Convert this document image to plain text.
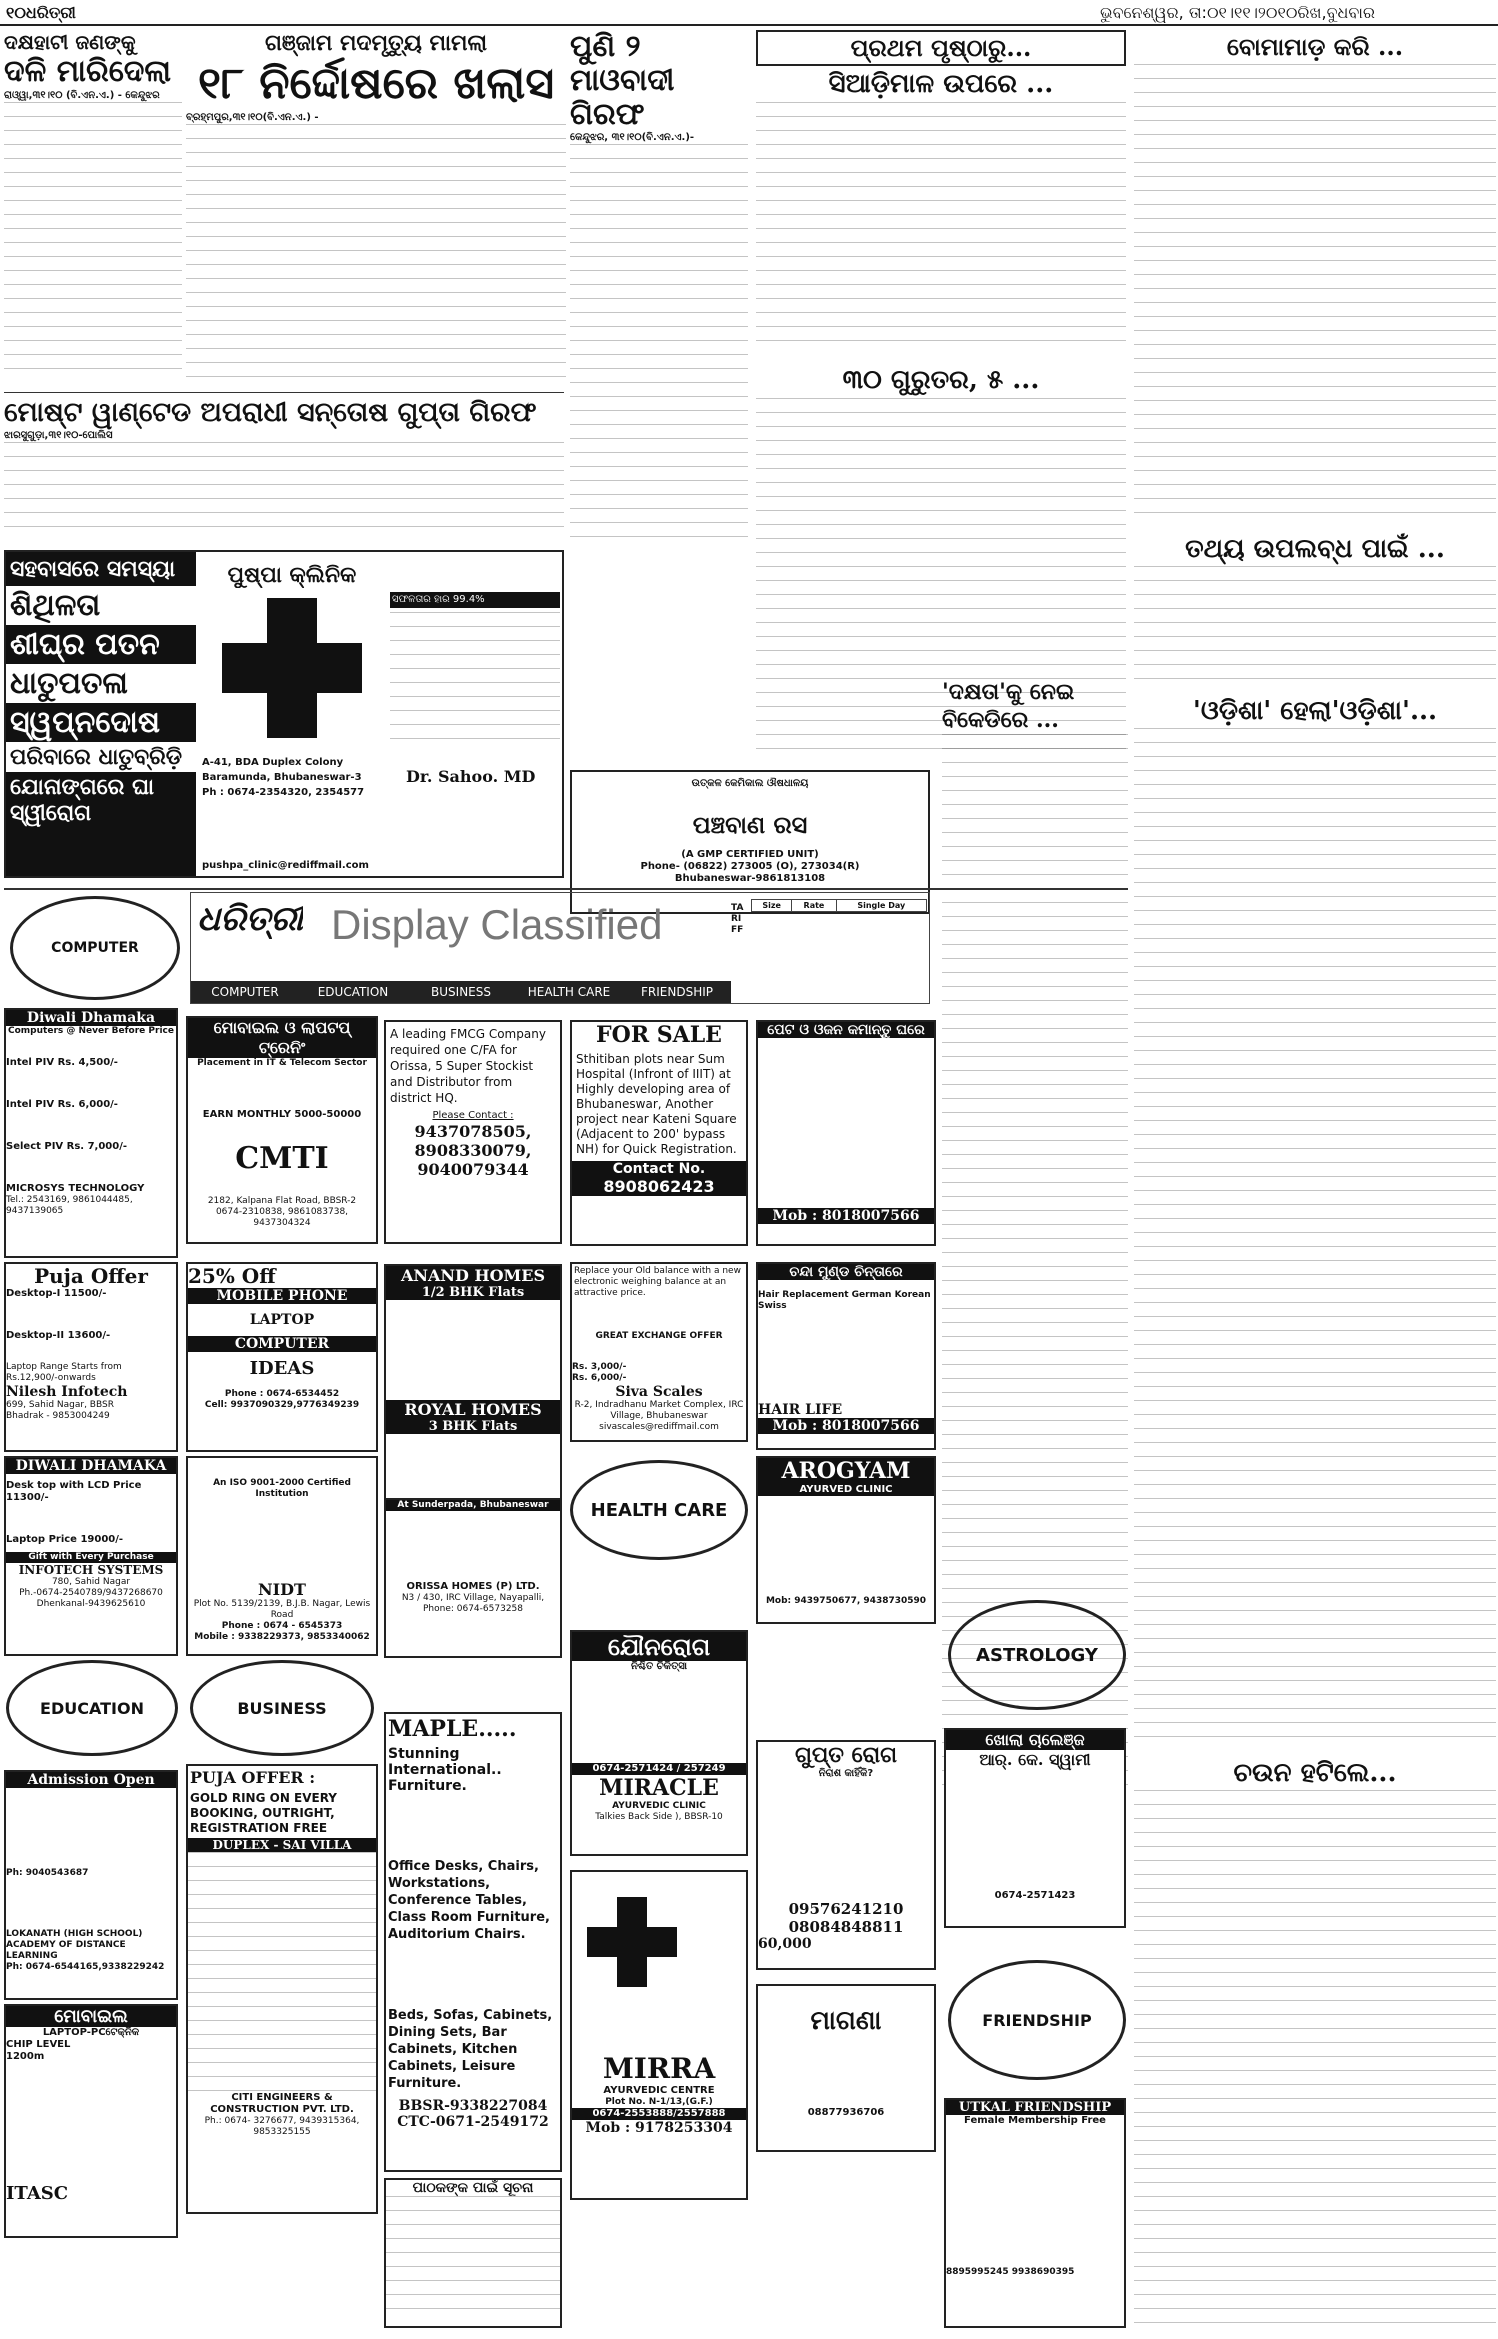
୧୦ଧରିତ୍ରୀ	ଭୁବନେଶ୍ୱର, ତା:୦୧।୧୧।୨୦୧୦ରିଖ,ବୁଧବାର
ଦକ୍ଷହାଟୀ ଜଣଙ୍କୁ
ଦଳି ମାରିଦେଲା
ରାଓ୍ୱା,୩୧।୧୦ (ବି.ଏନ.ଏ.) - କେନ୍ଦୁଝର
ଗଞ୍ଜାମ ମଦମୃତ୍ୟୁ ମାମଲା
୧୮ ନିର୍ଦ୍ଦୋଷରେ ଖଲାସ
ବ୍ରହ୍ମପୁର,୩୧।୧୦(ବି.ଏନ.ଏ.) -
ମୋଷ୍ଟ ୱାଣ୍ଟେଡ ଅପରାଧୀ ସନ୍ତୋଷ ଗୁପ୍ତା ଗିରଫ
ଝାରସୁଗୁଡ଼ା,୩୧।୧୦-ପୋଲିସ
ପୁଣି ୨ ମାଓବାଦୀ ଗିରଫ
କେନ୍ଦୁଝର, ୩୧।୧୦(ବି.ଏନ.ଏ.)-
ପ୍ରଥମ ପୃଷ୍ଠାରୁ...
ସିଆଡ଼ିମାଳ ଉପରେ ...
୩୦ ଗୁରୁତର, ୫ ...
ବୋମାମାଡ଼ କରି ...
ତଥ୍ୟ ଉପଲବ୍ଧ ପାଇଁ ...
'ଓଡ଼ିଶା' ହେଲା'ଓଡ଼ିଶା'...
ଚଉନ ହଟିଲେ...
'ଦକ୍ଷତା'କୁ ନେଇ ବିକେଡିରେ ...
ସହବାସରେ ସମସ୍ୟା
ଶିଥିଳତା
ଶୀଘ୍ର ପତନ
ଧାତୁପତଳା
ସ୍ୱପ୍ନଦୋଷ
ପରିବାରେ ଧାତୁବ୍ରିଡ଼ି
ଯୋନାଙ୍ଗରେ ଘା ସ୍ୱୀରୋଗ
ପୁଷ୍ପା କ୍ଲିନିକ
A-41, BDA Duplex Colony
Baramunda, Bhubaneswar-3
Ph : 0674-2354320, 2354577
pushpa_clinic@rediffmail.com
Dr. Sahoo. MD
ସଫଳତାର ହାର 99.4%
ଉତ୍କଳ କେମିକାଲ ଔଷଧାଳୟ
ପଞ୍ଚବାଣ ରସ
(A GMP CERTIFIED UNIT)
Phone- (06822) 273005 (O), 273034(R)
Bhubaneswar-9861813108
ଧରିତ୍ରୀ Display Classified
COMPUTER	EDUCATION	BUSINESS	HEALTH CARE	FRIENDSHIP
TARIFF
Size	Rate	Single Day
COMPUTER
Diwali Dhamaka
Computers @ Never Before Price
Intel PIV Rs. 4,500/-
Intel PIV Rs. 6,000/-
Select PIV Rs. 7,000/-
MICROSYS TECHNOLOGY
Tel.: 2543169, 9861044485, 9437139065
ମୋବାଇଲ ଓ ଲାପଟପ୍ ଟ୍ରେନିଂ
Placement in IT & Telecom Sector
EARN MONTHLY 5000-50000
CMTI
2182, Kalpana Flat Road, BBSR-2
0674-2310838, 9861083738, 9437304324
A leading FMCG Company required one C/FA for Orissa, 5 Super Stockist and Distributor from district HQ.
Please Contact :
9437078505,
8908330079,
9040079344
FOR SALE
Sthitiban plots near Sum Hospital (Infront of IIIT) at Highly developing area of Bhubaneswar, Another project near Kateni Square (Adjacent to 200' bypass NH) for Quick Registration.
Contact No.
8908062423
ପେଟ ଓ ଓଜନ କମାନ୍ତୁ ଘରେ
Mob : 8018007566
Puja Offer
Desktop-I 11500/-
Desktop-II 13600/-
Laptop Range Starts from Rs.12,900/-onwards
Nilesh Infotech
699, Sahid Nagar, BBSR
Bhadrak - 9853004249
25% Off
MOBILE PHONE
LAPTOP
COMPUTER
IDEAS
Phone : 0674-6534452
Cell: 9937090329,9776349239
ANAND HOMES
1/2 BHK Flats
ROYAL HOMES
3 BHK Flats
Replace your Old balance with a new electronic weighing balance at an attractive price.
GREAT EXCHANGE OFFER
Rs. 3,000/-
Rs. 6,000/-
Siva Scales
R-2, Indradhanu Market Complex, IRC Village, Bhubaneswar
sivascales@rediffmail.com
ଚନ୍ଦା ମୁଣ୍ଡ ଚିନ୍ତାରେ
Hair Replacement German Korean Swiss
HAIR LIFE
Mob : 8018007566
DIWALI DHAMAKA
Desk top with LCD Price 11300/-
Laptop Price 19000/-
Gift with Every Purchase
INFOTECH SYSTEMS
780, Sahid Nagar
Ph.-0674-2540789/9437268670
Dhenkanal-9439625610
An ISO 9001-2000 Certified Institution
NIDT
Plot No. 5139/2139, B.J.B. Nagar, Lewis Road
Phone : 0674 - 6545373
Mobile : 9338229373, 9853340062
At Sunderpada, Bhubaneswar
ORISSA HOMES (P) LTD.
N3 / 430, IRC Village, Nayapalli,
Phone: 0674-6573258
HEALTH CARE
AROGYAM
AYURVED CLINIC
Mob: 9439750677, 9438730590
ASTROLOGY
EDUCATION	BUSINESS
ଯୌନରୋଗ
ନିଶ୍ଚିତ ଚିକିତ୍ସା
0674-2571424 / 257249
MIRACLE
AYURVEDIC CLINIC
Talkies Back Side ), BBSR-10
ଗୁପ୍ତ ରୋଗ
ନିରାଶ କାହିଁକି?
09576241210
08084848811
60,000
ଖୋଲା ଚାଲେଞ୍ଜ
ଆର୍. କେ. ସ୍ୱାମୀ
0674-2571423
MAPLE.....
Stunning International.. Furniture.
Office Desks, Chairs, Workstations, Conference Tables, Class Room Furniture, Auditorium Chairs.
Beds, Sofas, Cabinets, Dining Sets, Bar Cabinets, Kitchen Cabinets, Leisure Furniture.
BBSR-9338227084
CTC-0671-2549172
PUJA OFFER :
GOLD RING ON EVERY BOOKING, OUTRIGHT, REGISTRATION FREE
DUPLEX - SAI VILLA
CITI ENGINEERS & CONSTRUCTION PVT. LTD.
Ph.: 0674- 3276677, 9439315364, 9853325155
Admission Open
Ph: 9040543687
LOKANATH (HIGH SCHOOL) ACADEMY OF DISTANCE LEARNING
Ph: 0674-6544165,9338229242
ମୋବାଇଲ
LAPTOP-PCଟେକ୍ନିକ
CHIP LEVEL
1200m
ITASC
MIRRA
AYURVEDIC CENTRE
Plot No. N-1/13,(G.F.)
0674-2553888/2557888
Mob : 9178253304
ମାଗଣା
08877936706
FRIENDSHIP
UTKAL FRIENDSHIP
Female Membership Free
8895995245 9938690395
ପାଠକଙ୍କ ପାଇଁ ସୂଚନା
